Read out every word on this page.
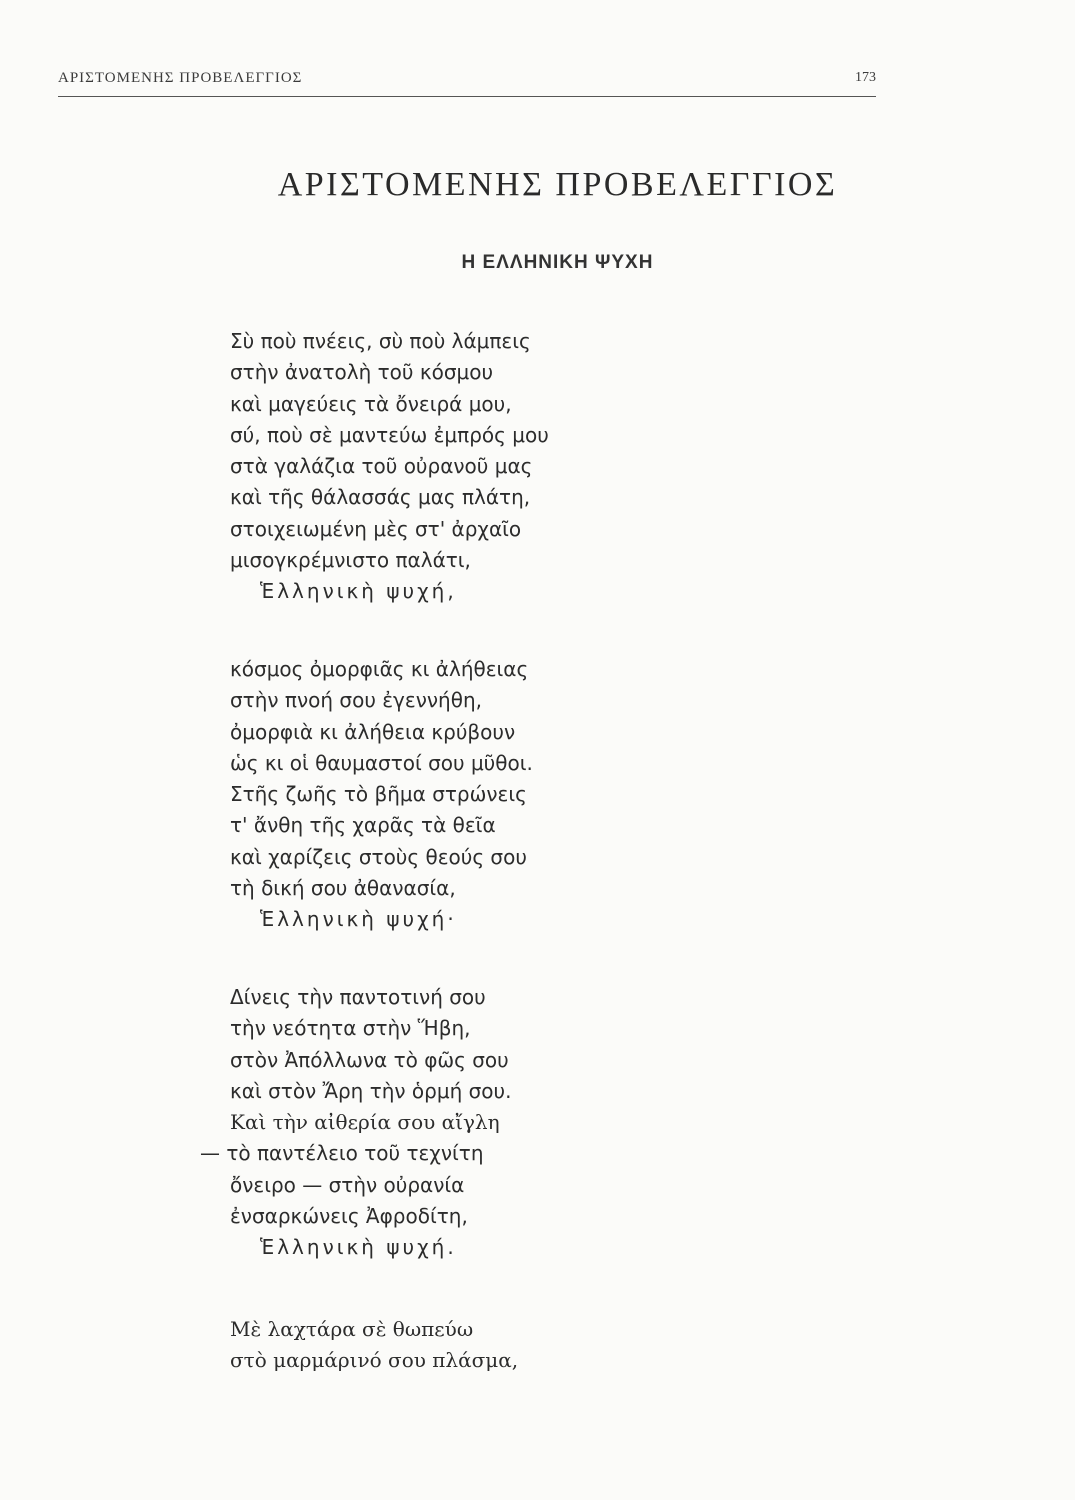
ΑΡΙΣΤΟΜΕΝΗΣ ΠΡΟΒΕΛΕΓΓΙΟΣ	173
ΑΡΙΣΤΟΜΕΝΗΣ ΠΡΟΒΕΛΕΓΓΙΟΣ
Η ΕΛΛΗΝΙΚΗ ΨΥΧΗ
Σὺ ποὺ πνέεις, σὺ ποὺ λάμπεις
στὴν ἀνατολὴ τοῦ κόσμου
καὶ μαγεύεις τὰ ὄνειρά μου,
σύ, ποὺ σὲ μαντεύω ἐμπρός μου
στὰ γαλάζια τοῦ οὐρανοῦ μας
καὶ τῆς θάλασσάς μας πλάτη,
στοιχειωμένη μὲς στ' ἀρχαῖο
μισογκρέμνιστο παλάτι,
Ἑλληνικὴ ψυχή,
κόσμος ὀμορφιᾶς κι ἀλήθειας
στὴν πνοή σου ἐγεννήθη,
ὀμορφιὰ κι ἀλήθεια κρύβουν
ὡς κι οἱ θαυμαστοί σου μῦθοι.
Στῆς ζωῆς τὸ βῆμα στρώνεις
τ' ἄνθη τῆς χαρᾶς τὰ θεῖα
καὶ χαρίζεις στοὺς θεούς σου
τὴ δική σου ἀθανασία,
Ἑλληνικὴ ψυχή·
Δίνεις τὴν παντοτινή σου
τὴν νεότητα στὴν Ἥβη,
στὸν Ἀπόλλωνα τὸ φῶς σου
καὶ στὸν Ἄρη τὴν ὁρμή σου.
Καὶ τὴν αἰθερία σου αἴγλη
— τὸ παντέλειο τοῦ τεχνίτη
ὄνειρο — στὴν οὐρανία
ἐνσαρκώνεις Ἀφροδίτη,
Ἑλληνικὴ ψυχή.
Μὲ λαχτάρα σὲ θωπεύω
στὸ μαρμάρινό σου πλάσμα,
